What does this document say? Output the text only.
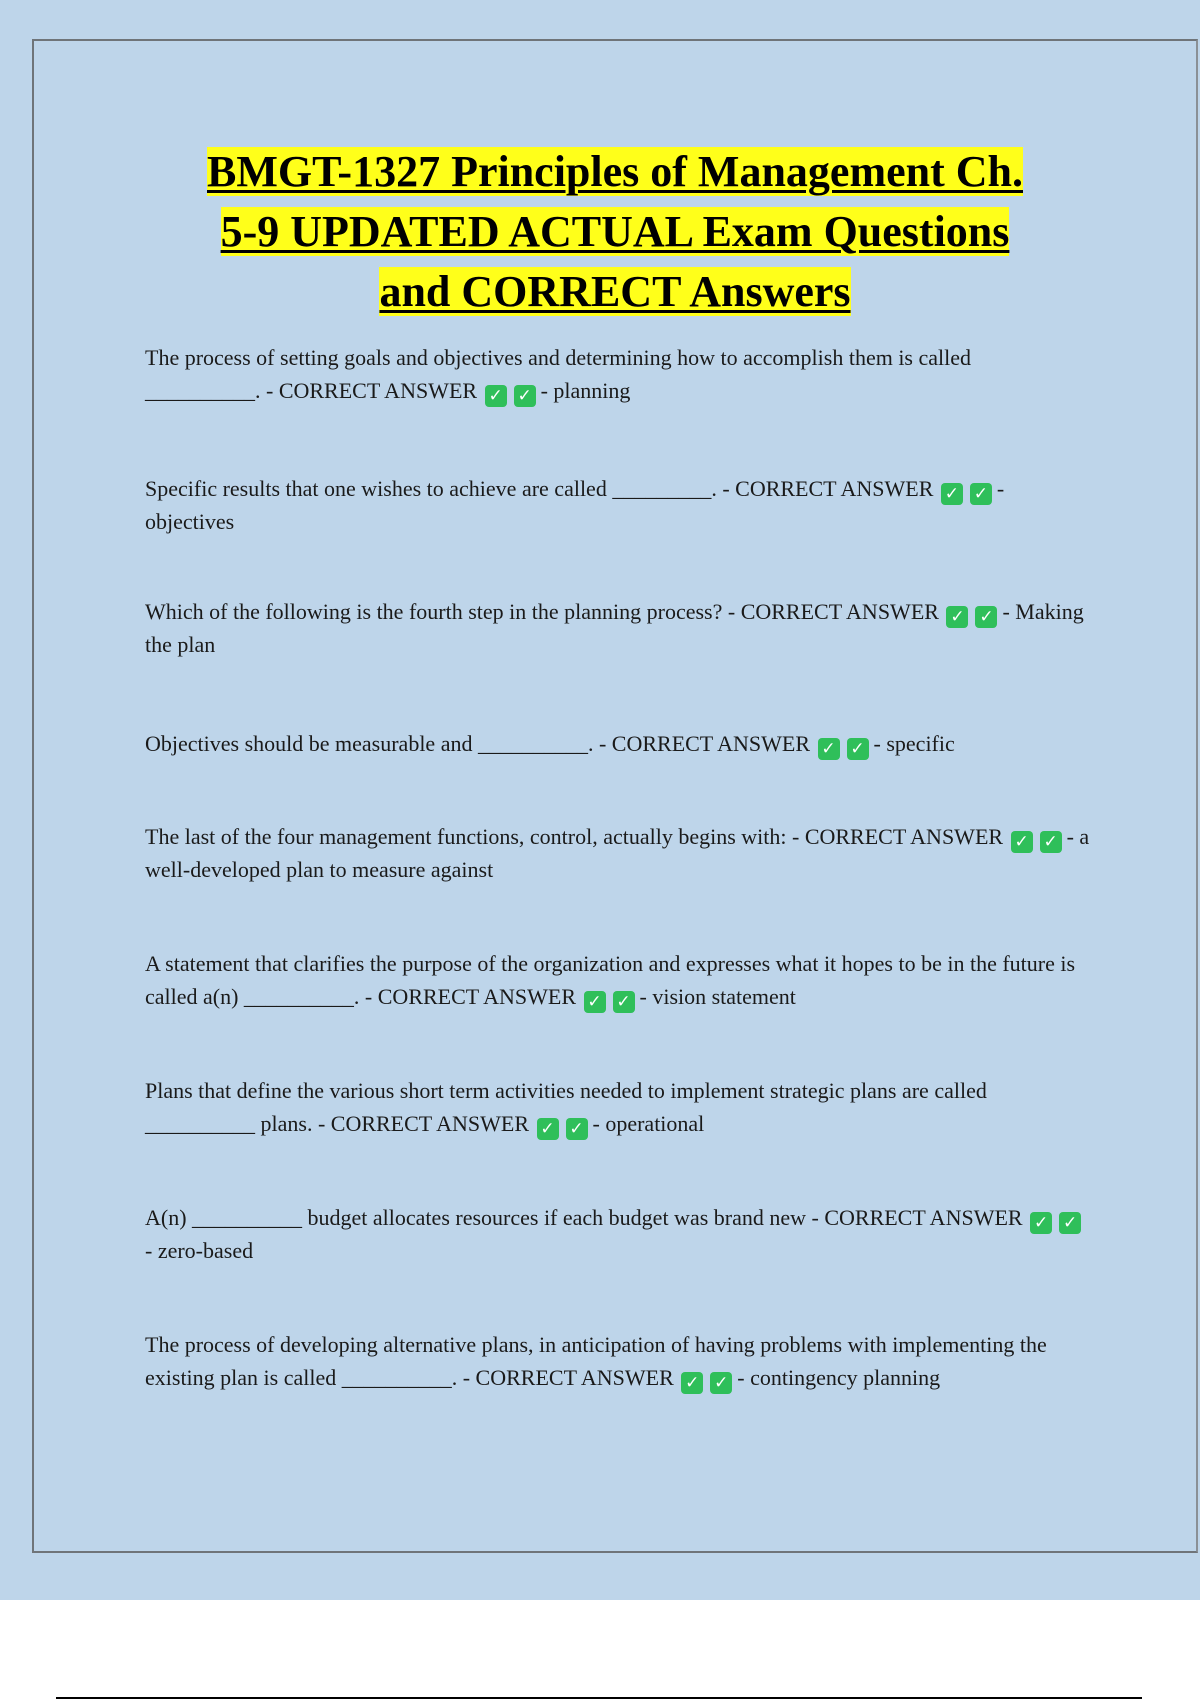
BMGT-1327 Principles of Management Ch.
5-9 UPDATED ACTUAL Exam Questions
and CORRECT Answers

The process of setting goals and objectives and determining how to accomplish them is called __________. - CORRECT ANSWER ✓ ✓ - planning

Specific results that one wishes to achieve are called _________. - CORRECT ANSWER ✓ ✓ - objectives

Which of the following is the fourth step in the planning process? - CORRECT ANSWER ✓ ✓ - Making the plan

Objectives should be measurable and __________. - CORRECT ANSWER ✓ ✓ - specific

The last of the four management functions, control, actually begins with: - CORRECT ANSWER ✓ ✓ - a well-developed plan to measure against

A statement that clarifies the purpose of the organization and expresses what it hopes to be in the future is called a(n) __________. - CORRECT ANSWER ✓ ✓ - vision statement

Plans that define the various short term activities needed to implement strategic plans are called __________ plans. - CORRECT ANSWER ✓ ✓ - operational

A(n) __________ budget allocates resources if each budget was brand new - CORRECT ANSWER ✓ ✓- zero-based

The process of developing alternative plans, in anticipation of having problems with implementing the existing plan is called __________. - CORRECT ANSWER ✓ ✓ - contingency planning
